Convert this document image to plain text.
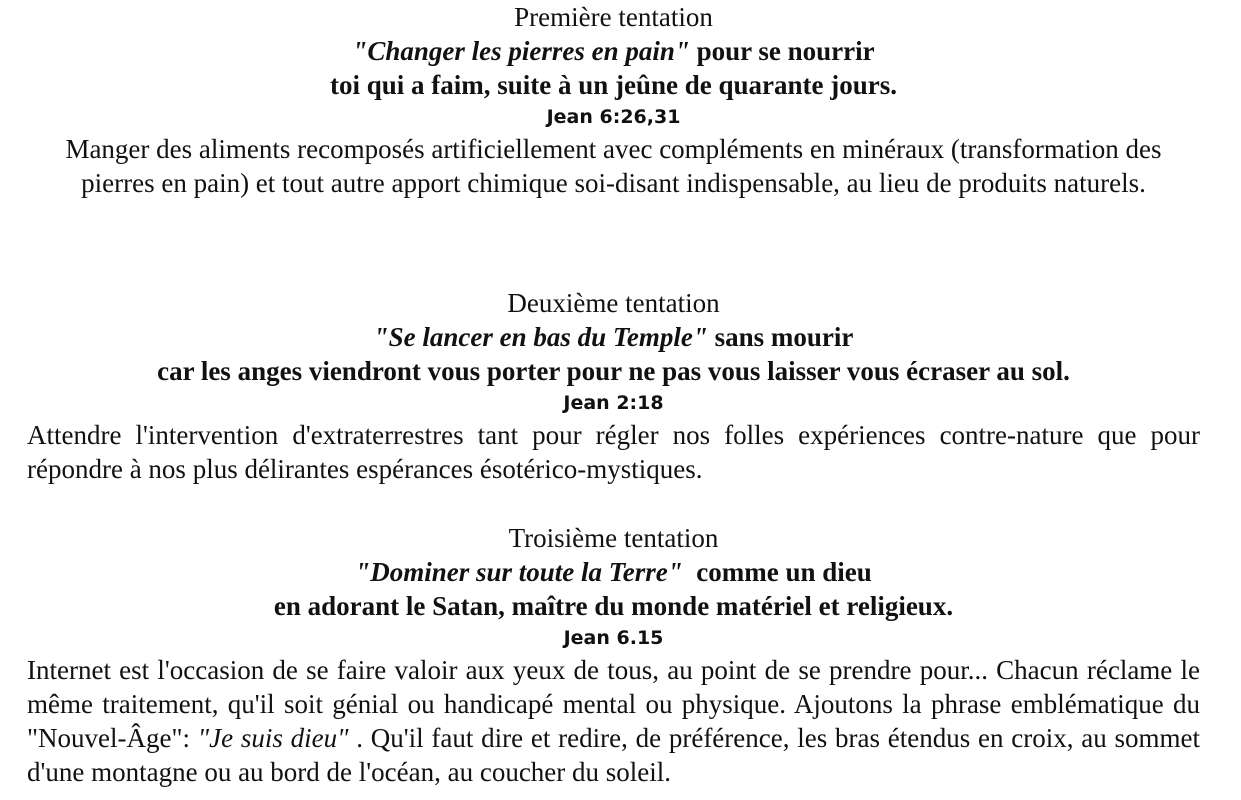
Première tentation

"Changer les pierres en pain" pour se nourrir

toi qui a faim, suite à un jeûne de quarante jours.

Jean 6:26,31

Manger des aliments recomposés artificiellement avec compléments en minéraux (transformation des pierres en pain) et tout autre apport chimique soi-disant indispensable, au lieu de produits naturels.

Deuxième tentation

"Se lancer en bas du Temple" sans mourir

car les anges viendront vous porter pour ne pas vous laisser vous écraser au sol.

Jean 2:18

Attendre l'intervention d'extraterrestres tant pour régler nos folles expériences contre-nature que pour répondre à nos plus délirantes espérances ésotérico-mystiques.

Troisième tentation

"Dominer sur toute la Terre"  comme un dieu

en adorant le Satan, maître du monde matériel et religieux.

Jean 6.15

Internet est l'occasion de se faire valoir aux yeux de tous, au point de se prendre pour... Chacun réclame le même traitement, qu'il soit génial ou handicapé mental ou physique. Ajoutons la phrase emblématique du "Nouvel-Âge": "Je suis dieu" . Qu'il faut dire et redire, de préférence, les bras étendus en croix, au sommet d'une montagne ou au bord de l'océan, au coucher du soleil.
